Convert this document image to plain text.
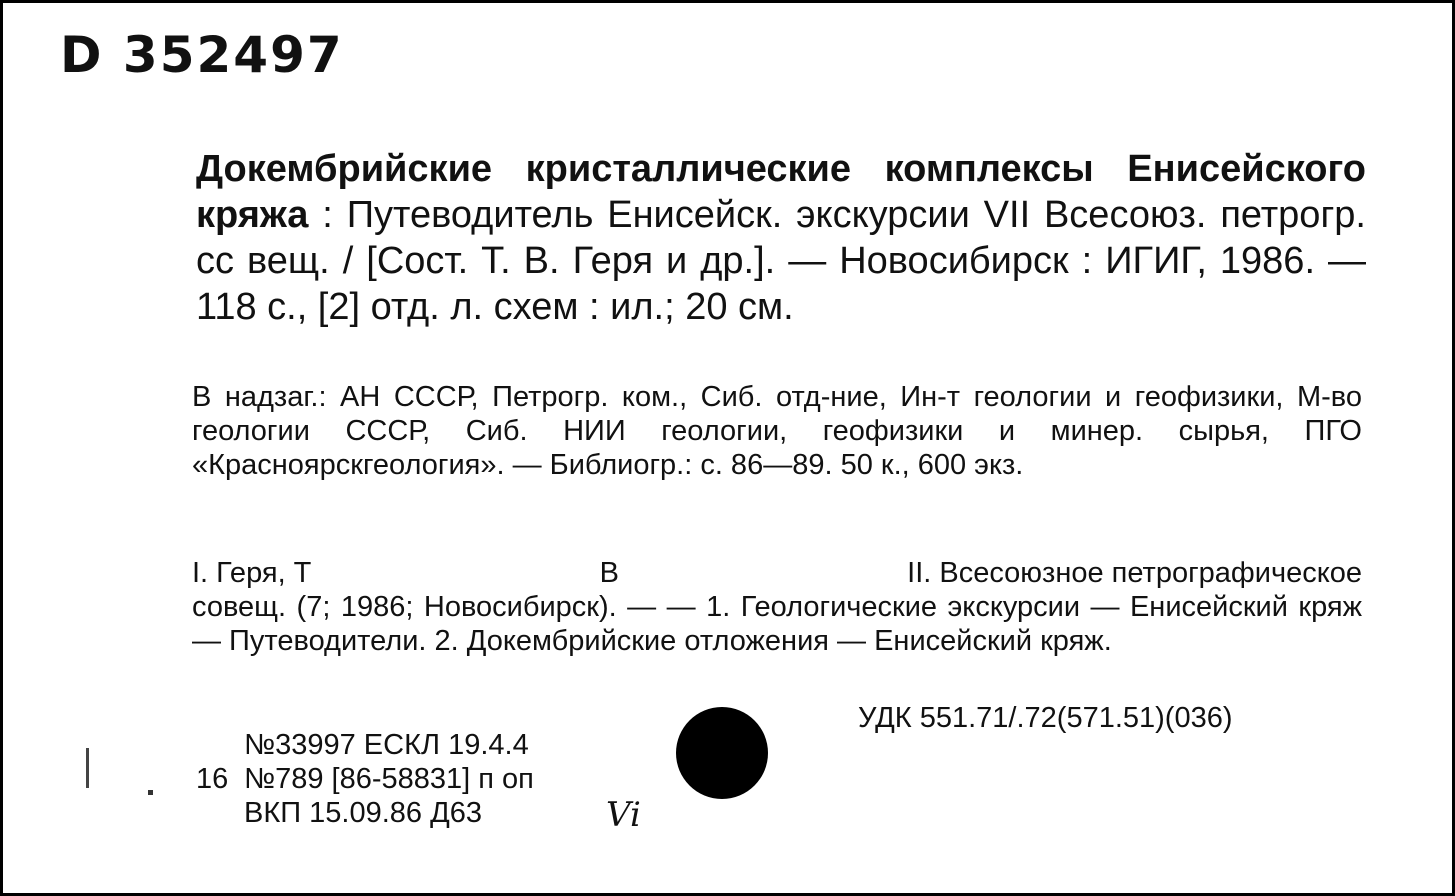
D 352497
Докембрийские кристаллические комплексы Енисейского кряжа : Путеводитель Енисейск. экскурсии VII Всесоюз. петрогр. сс вещ. / [Сост. Т. В. Геря и др.]. — Новосибирск : ИГИГ, 1986. — 118 с., [2] отд. л. схем : ил.; 20 см.
В надзаг.: АН СССР, Петрогр. ком., Сиб. отд-ние, Ин-т геологии и геофизики, М-во геологии СССР, Сиб. НИИ геологии, геофизики и минер. сырья, ПГО «Красноярскгеология». — Библиогр.: с. 86—89. 50 к., 600 экз.
I. Геря, Т	В	II. Всесоюзное петрографическое
совещ. (7; 1986; Новосибирск). — — 1. Геологические экскурсии — Енисейский кряж — Путеводители. 2. Докембрийские отложения — Енисейский кряж.
УДК 551.71/.72(571.51)(036)
№33997 ЕСКЛ 19.4.4
16 №789 [86-58831] п оп
ВКП 15.09.86 Д63	Vi
